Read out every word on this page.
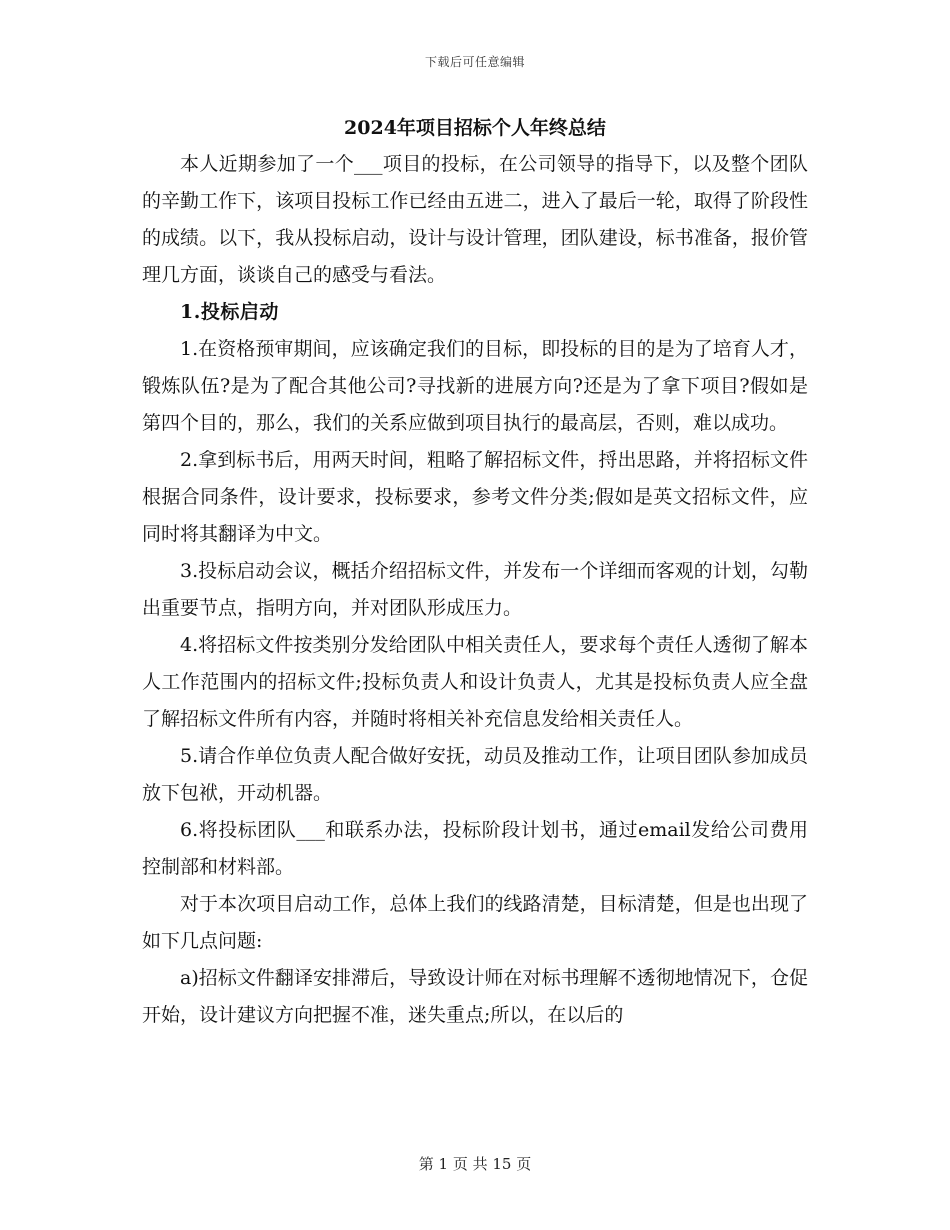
下载后可任意编辑
2024年项目招标个人年终总结

本人近期参加了一个___项目的投标，在公司领导的指导下，以及整个团队的辛勤工作下，该项目投标工作已经由五进二，进入了最后一轮，取得了阶段性的成绩。以下，我从投标启动，设计与设计管理，团队建设，标书准备，报价管理几方面，谈谈自己的感受与看法。

1.投标启动

1.在资格预审期间，应该确定我们的目标，即投标的目的是为了培育人才，锻炼队伍?是为了配合其他公司?寻找新的进展方向?还是为了拿下项目?假如是第四个目的，那么，我们的关系应做到项目执行的最高层，否则，难以成功。

2.拿到标书后，用两天时间，粗略了解招标文件，捋出思路，并将招标文件根据合同条件，设计要求，投标要求，参考文件分类;假如是英文招标文件，应同时将其翻译为中文。

3.投标启动会议，概括介绍招标文件，并发布一个详细而客观的计划，勾勒出重要节点，指明方向，并对团队形成压力。

4.将招标文件按类别分发给团队中相关责任人，要求每个责任人透彻了解本人工作范围内的招标文件;投标负责人和设计负责人，尤其是投标负责人应全盘了解招标文件所有内容，并随时将相关补充信息发给相关责任人。

5.请合作单位负责人配合做好安抚，动员及推动工作，让项目团队参加成员放下包袱，开动机器。

6.将投标团队___和联系办法，投标阶段计划书，通过email发给公司费用控制部和材料部。

对于本次项目启动工作，总体上我们的线路清楚，目标清楚，但是也出现了如下几点问题:

a)招标文件翻译安排滞后，导致设计师在对标书理解不透彻地情况下，仓促开始，设计建议方向把握不准，迷失重点;所以，在以后的

第 1 页 共 15 页
